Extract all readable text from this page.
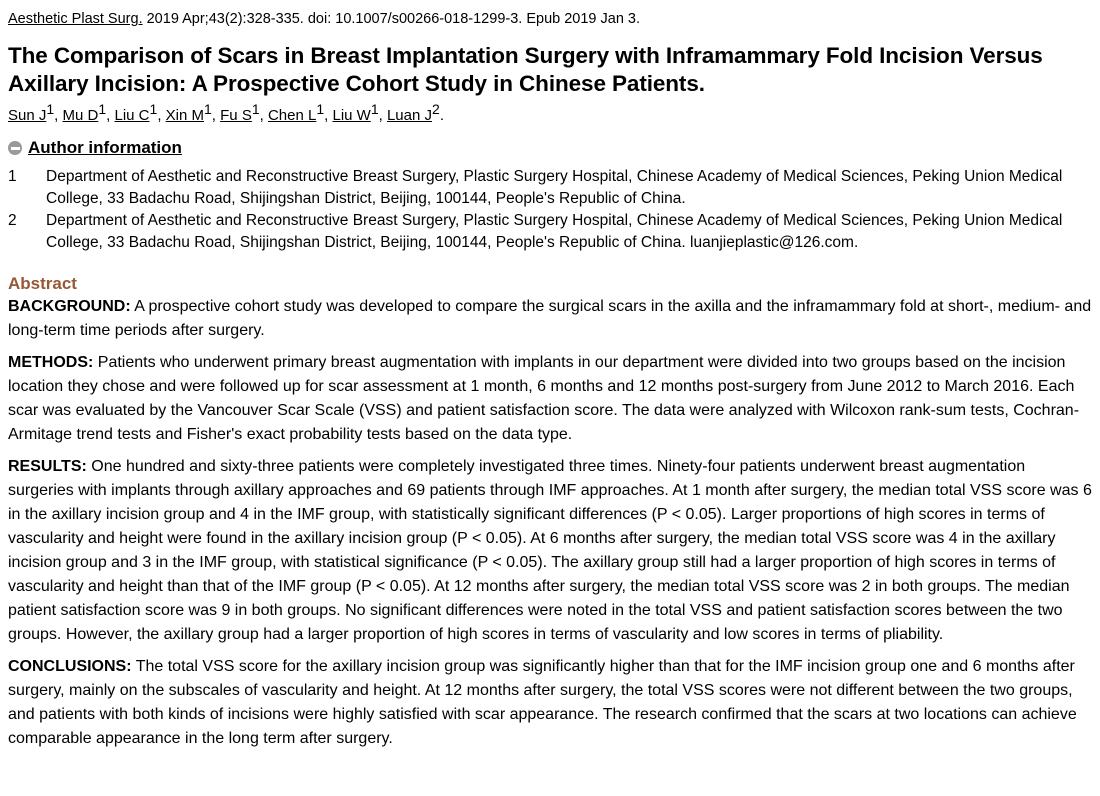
Aesthetic Plast Surg. 2019 Apr;43(2):328-335. doi: 10.1007/s00266-018-1299-3. Epub 2019 Jan 3.
The Comparison of Scars in Breast Implantation Surgery with Inframammary Fold Incision Versus Axillary Incision: A Prospective Cohort Study in Chinese Patients.
Sun $J^1$, Mu $D^1$, Liu $C^1$, Xin $M^1$, Fu $S^1$, Chen $L^1$, Liu $W^1$, Luan $J^2$.
Author information
1	Department of Aesthetic and Reconstructive Breast Surgery, Plastic Surgery Hospital, Chinese Academy of Medical Sciences, Peking Union Medical College, 33 Badachu Road, Shijingshan District, Beijing, 100144, People's Republic of China.
2	Department of Aesthetic and Reconstructive Breast Surgery, Plastic Surgery Hospital, Chinese Academy of Medical Sciences, Peking Union Medical College, 33 Badachu Road, Shijingshan District, Beijing, 100144, People's Republic of China. luanjieplastic@126.com.
Abstract

BACKGROUND: A prospective cohort study was developed to compare the surgical scars in the axilla and the inframammary fold at short-, medium- and long-term time periods after surgery.

METHODS: Patients who underwent primary breast augmentation with implants in our department were divided into two groups based on the incision location they chose and were followed up for scar assessment at 1 month, 6 months and 12 months post-surgery from June 2012 to March 2016. Each scar was evaluated by the Vancouver Scar Scale (VSS) and patient satisfaction score. The data were analyzed with Wilcoxon rank-sum tests, Cochran-Armitage trend tests and Fisher's exact probability tests based on the data type.

RESULTS: One hundred and sixty-three patients were completely investigated three times. Ninety-four patients underwent breast augmentation surgeries with implants through axillary approaches and 69 patients through IMF approaches. At 1 month after surgery, the median total VSS score was 6 in the axillary incision group and 4 in the IMF group, with statistically significant differences (P < 0.05). Larger proportions of high scores in terms of vascularity and height were found in the axillary incision group (P < 0.05). At 6 months after surgery, the median total VSS score was 4 in the axillary incision group and 3 in the IMF group, with statistical significance (P < 0.05). The axillary group still had a larger proportion of high scores in terms of vascularity and height than that of the IMF group (P < 0.05). At 12 months after surgery, the median total VSS score was 2 in both groups. The median patient satisfaction score was 9 in both groups. No significant differences were noted in the total VSS and patient satisfaction scores between the two groups. However, the axillary group had a larger proportion of high scores in terms of vascularity and low scores in terms of pliability.

CONCLUSIONS: The total VSS score for the axillary incision group was significantly higher than that for the IMF incision group one and 6 months after surgery, mainly on the subscales of vascularity and height. At 12 months after surgery, the total VSS scores were not different between the two groups, and patients with both kinds of incisions were highly satisfied with scar appearance. The research confirmed that the scars at two locations can achieve comparable appearance in the long term after surgery.
